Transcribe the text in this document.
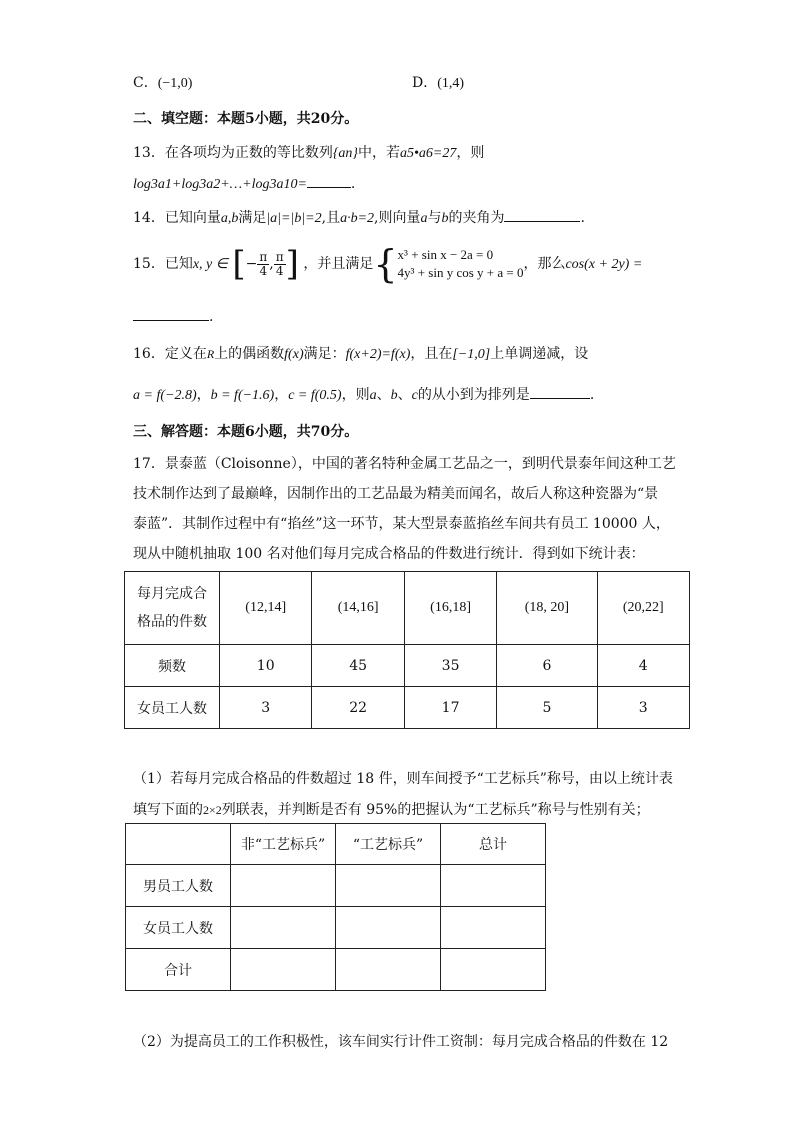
C．(−1,0)	D．(1,4)
二、填空题：本题5小题，共20分。
13．在各项均为正数的等比数列{an}中，若a5•a6=27，则
log3a1+log3a2+…+log3a10=	.
14．已知向量a,b满足|a|=|b|=2,且a·b=2,则向量a与b的夹角为	.
15．已知x, y ∈ [− $\frac{\pi}{4}$ , $\frac{\pi}{4}$ ] ，并且满足{ x³ + sin x − 2a = 0
4y³ + sin y cos y + a = 0
，那么cos(x + 2y) =
.
16．定义在R上的偶函数f(x)满足：f(x+2)=f(x)，且在[−1,0]上单调递减，设
a = f(−2.8)，b = f(−1.6)，c = f(0.5)，则a、b、c的从小到为排列是	.
三、解答题：本题6小题，共70分。
17．景泰蓝（Cloisonne），中国的著名特种金属工艺品之一，到明代景泰年间这种工艺
技术制作达到了最巅峰，因制作出的工艺品最为精美而闻名，故后人称这种瓷器为“景
泰蓝”．其制作过程中有“掐丝”这一环节，某大型景泰蓝掐丝车间共有员工 10000 人，
现从中随机抽取 100 名对他们每月完成合格品的件数进行统计．得到如下统计表：
每月完成合
格品的件数	(12,14]	(14,16]	(16,18]	(18, 20]	(20,22]
频数	10	45	35	6	4
女员工人数	3	22	17	5	3
（1）若每月完成合格品的件数超过 18 件，则车间授予“工艺标兵”称号，由以上统计表
填写下面的2×2列联表，并判断是否有 95%的把握认为“工艺标兵”称号与性别有关；
	非“工艺标兵”	“工艺标兵”	总计
男员工人数			
女员工人数			
合计			
（2）为提高员工的工作积极性，该车间实行计件工资制：每月完成合格品的件数在 12
